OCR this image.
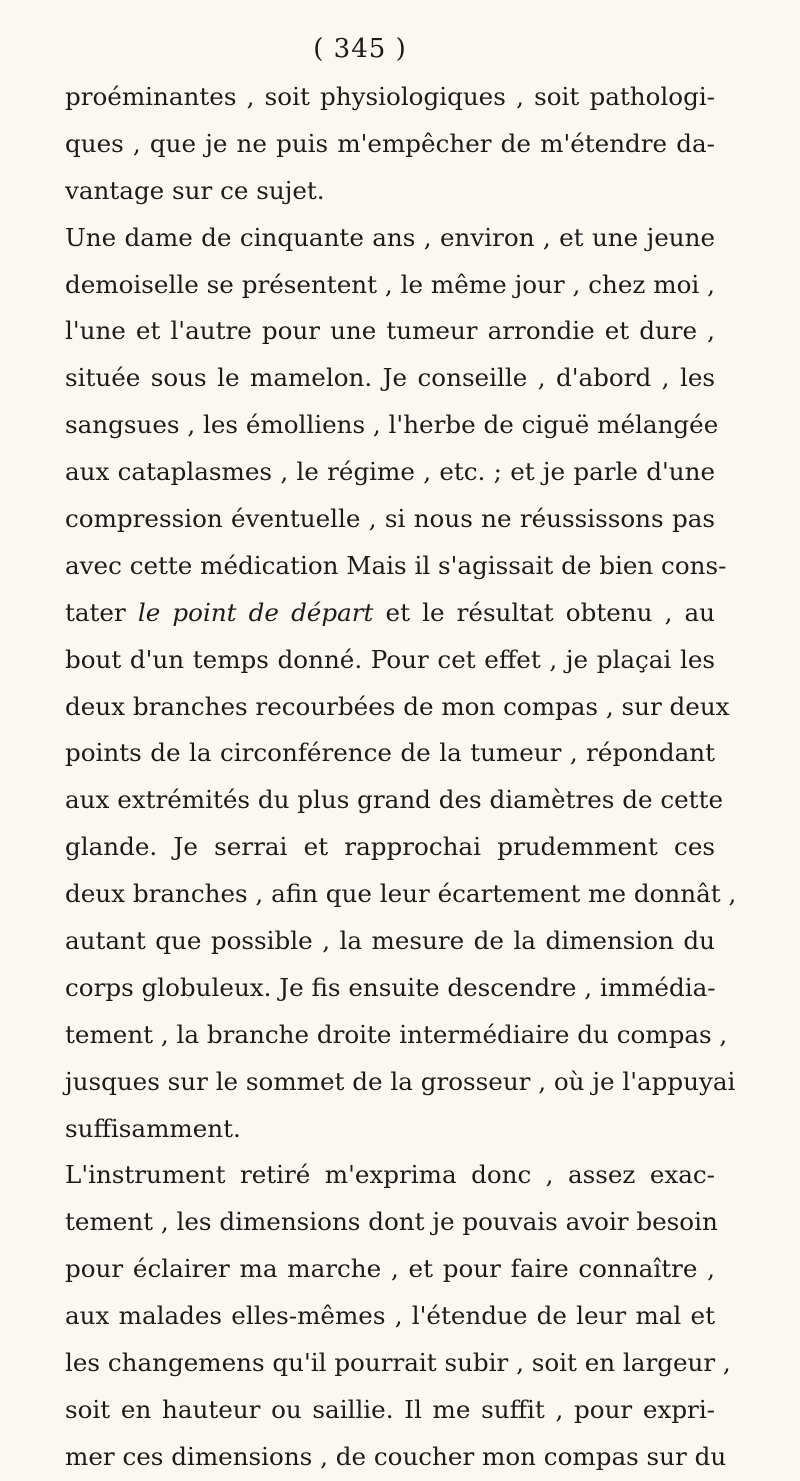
( 345 )
proéminantes , soit physiologiques , soit pathologi-
ques , que je ne puis m'empêcher de m'étendre da-
vantage sur ce sujet.
Une dame de cinquante ans , environ , et une jeune
demoiselle se présentent , le même jour , chez moi ,
l'une et l'autre pour une tumeur arrondie et dure ,
située sous le mamelon. Je conseille , d'abord , les
sangsues , les émolliens , l'herbe de ciguë mélangée
aux cataplasmes , le régime , etc. ; et je parle d'une
compression éventuelle , si nous ne réussissons pas
avec cette médication Mais il s'agissait de bien cons-
tater le point de départ et le résultat obtenu , au
bout d'un temps donné. Pour cet effet , je plaçai les
deux branches recourbées de mon compas , sur deux
points de la circonférence de la tumeur , répondant
aux extrémités du plus grand des diamètres de cette
glande. Je serrai et rapprochai prudemment ces
deux branches , afin que leur écartement me donnât ,
autant que possible , la mesure de la dimension du
corps globuleux. Je fis ensuite descendre , immédia-
tement , la branche droite intermédiaire du compas ,
jusques sur le sommet de la grosseur , où je l'appuyai
suffisamment.
L'instrument retiré m'exprima donc , assez exac-
tement , les dimensions dont je pouvais avoir besoin
pour éclairer ma marche , et pour faire connaître ,
aux malades elles-mêmes , l'étendue de leur mal et
les changemens qu'il pourrait subir , soit en largeur ,
soit en hauteur ou saillie. Il me suffit , pour expri-
mer ces dimensions , de coucher mon compas sur du
